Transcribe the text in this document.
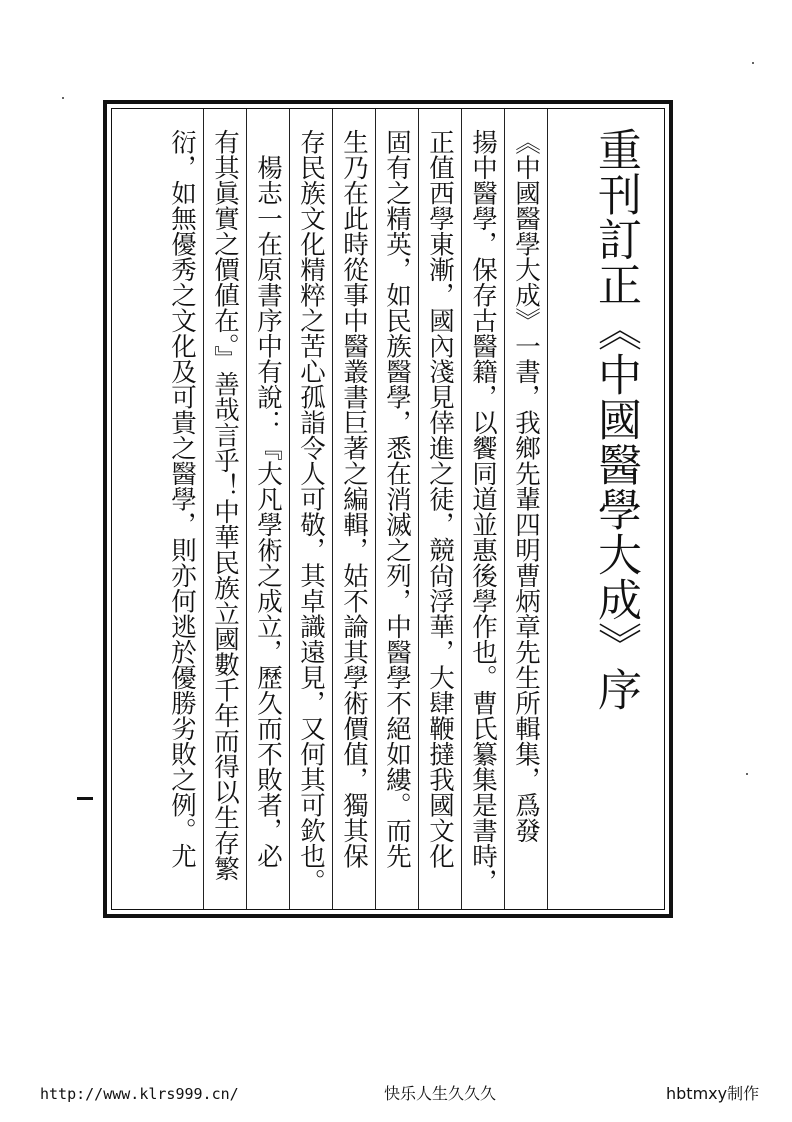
重刊訂正《中國醫學大成》序
《中國醫學大成》一書，我鄉先輩四明曹炳章先生所輯集，爲發
揚中醫學，保存古醫籍，以饗同道並惠後學作也。曹氏纂集是書時，
正值西學東漸，國內淺見倖進之徒，競尙浮華，大肆鞭撻我國文化
固有之精英，如民族醫學，悉在消滅之列，中醫學不絕如縷。而先
生乃在此時從事中醫叢書巨著之編輯，姑不論其學術價值，獨其保
存民族文化精粹之苦心孤詣令人可敬，其卓識遠見，又何其可欽也。
　楊志一在原書序中有說：『大凡學術之成立，歷久而不敗者，必
有其眞實之價値在。』善哉言乎！中華民族立國數千年而得以生存繁
衍，如無優秀之文化及可貴之醫學，則亦何逃於優勝劣敗之例。尤
http://www.klrs999.cn/	快乐人生久久久	hbtmxy制作
